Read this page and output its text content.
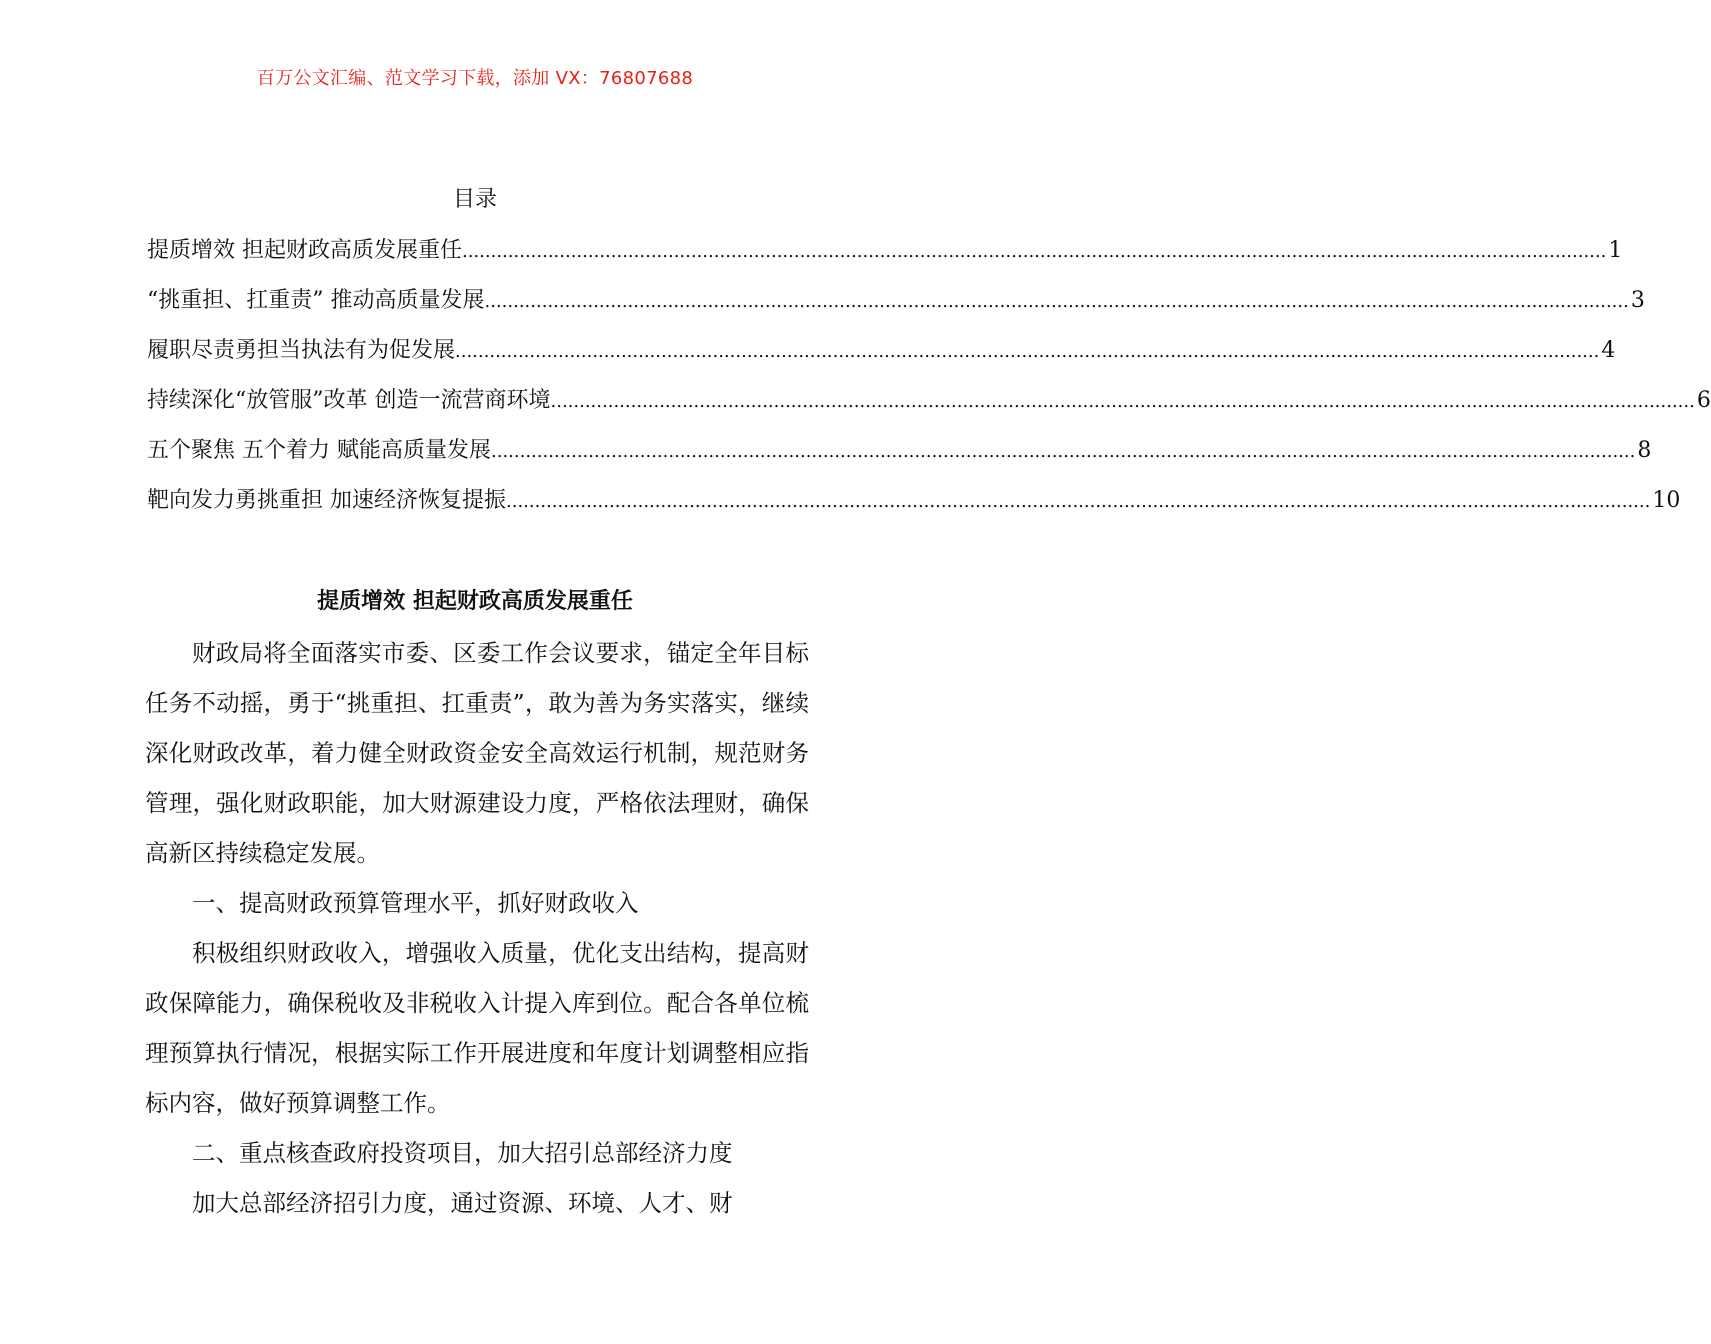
百万公文汇编、范文学习下载，添加 VX：76807688
目录
提质增效 担起财政高质发展重任 ........................................................................................................................................................................................................ 1
“挑重担、扛重责” 推动高质量发展 ........................................................................................................................................................................................................ 3
履职尽责勇担当执法有为促发展 ........................................................................................................................................................................................................ 4
持续深化“放管服”改革 创造一流营商环境 ........................................................................................................................................................................................................ 6
五个聚焦 五个着力 赋能高质量发展 ........................................................................................................................................................................................................ 8
靶向发力勇挑重担 加速经济恢复提振 ........................................................................................................................................................................................................ 10
提质增效 担起财政高质发展重任

财政局将全面落实市委、区委工作会议要求，锚定全年目标任务不动摇，勇于“挑重担、扛重责”，敢为善为务实落实，继续深化财政改革，着力健全财政资金安全高效运行机制，规范财务管理，强化财政职能，加大财源建设力度，严格依法理财，确保高新区持续稳定发展。

一、提高财政预算管理水平，抓好财政收入

积极组织财政收入，增强收入质量，优化支出结构，提高财政保障能力，确保税收及非税收入计提入库到位。配合各单位梳理预算执行情况，根据实际工作开展进度和年度计划调整相应指标内容，做好预算调整工作。

二、重点核查政府投资项目，加大招引总部经济力度

加大总部经济招引力度，通过资源、环境、人才、财
